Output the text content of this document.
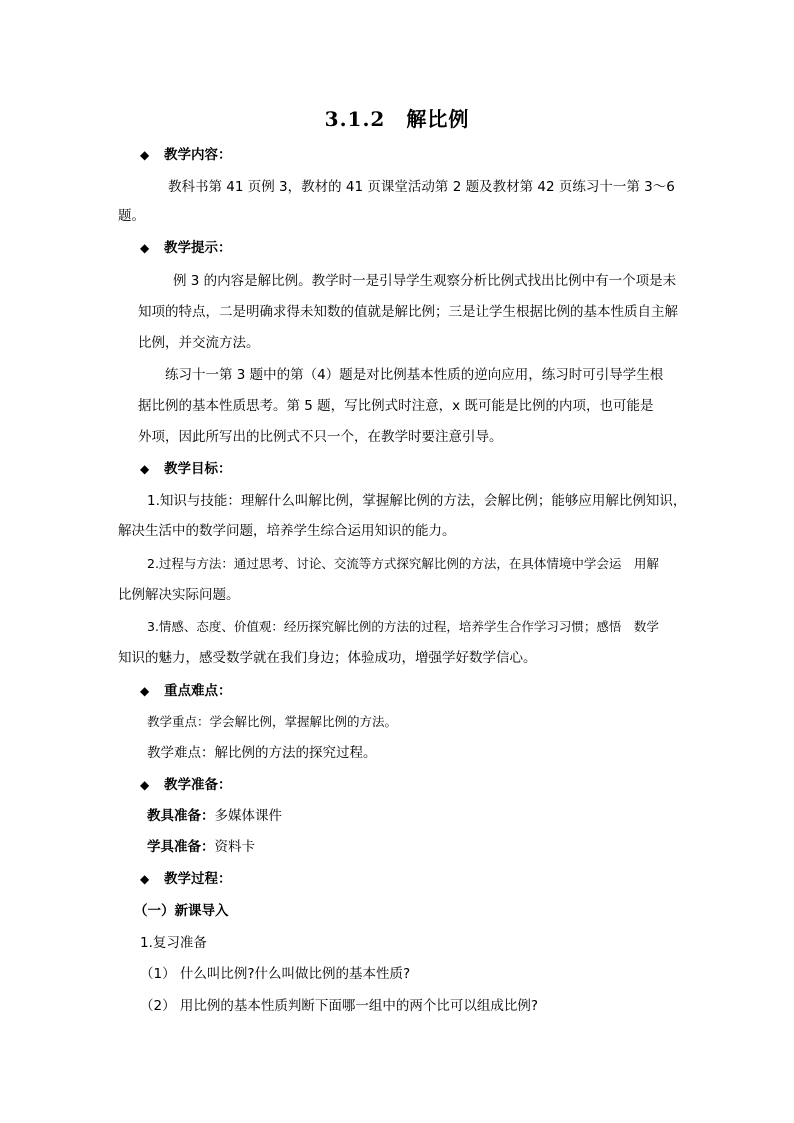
3.1.2　解比例
◆ 教学内容：
教科书第 41 页例 3，教材的 41 页课堂活动第 2 题及教材第 42 页练习十一第 3～6
题。
◆ 教学提示：
例 3 的内容是解比例。教学时一是引导学生观察分析比例式找出比例中有一个项是未
知项的特点，二是明确求得未知数的值就是解比例；三是让学生根据比例的基本性质自主解
比例，并交流方法。
练习十一第 3 题中的第（4）题是对比例基本性质的逆向应用，练习时可引导学生根
据比例的基本性质思考。第 5 题，写比例式时注意，x 既可能是比例的内项，也可能是
外项，因此所写出的比例式不只一个，在教学时要注意引导。
◆ 教学目标：
1.知识与技能：理解什么叫解比例，掌握解比例的方法，会解比例；能够应用解比例知识，
解决生活中的数学问题，培养学生综合运用知识的能力。
2.过程与方法：通过思考、讨论、交流等方式探究解比例的方法，在具体情境中学会运　用解
比例解决实际问题。
3.情感、态度、价值观：经历探究解比例的方法的过程，培养学生合作学习习惯；感悟　数学
知识的魅力，感受数学就在我们身边；体验成功，增强学好数学信心。
◆ 重点难点：
教学重点：学会解比例，掌握解比例的方法。
教学难点：解比例的方法的探究过程。
◆ 教学准备：
教具准备：多媒体课件
学具准备：资料卡
◆ 教学过程：
（一）新课导入
1.复习准备
（1） 什么叫比例?什么叫做比例的基本性质?
（2） 用比例的基本性质判断下面哪一组中的两个比可以组成比例?
